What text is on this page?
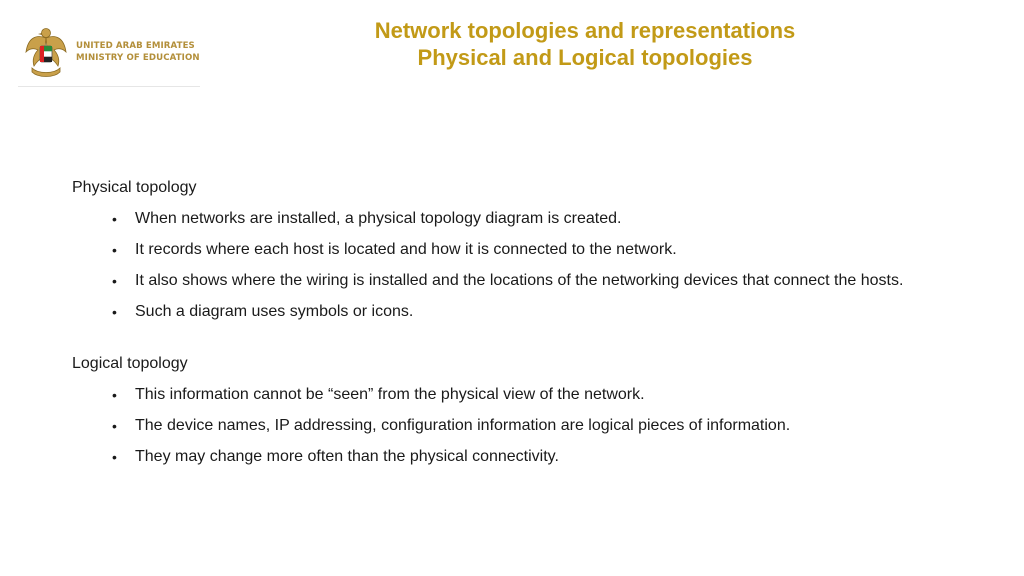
UNITED ARAB EMIRATES
MINISTRY OF EDUCATION
Network topologies and representations
Physical and Logical topologies
Physical topology
• When networks are installed, a physical topology diagram is created.
• It records where each host is located and how it is connected to the network.
• It also shows where the wiring is installed and the locations of the networking devices that connect the hosts.
• Such a diagram uses symbols or icons.
Logical topology
• This information cannot be “seen” from the physical view of the network.
• The device names, IP addressing, configuration information are logical pieces of information.
• They may change more often than the physical connectivity.
